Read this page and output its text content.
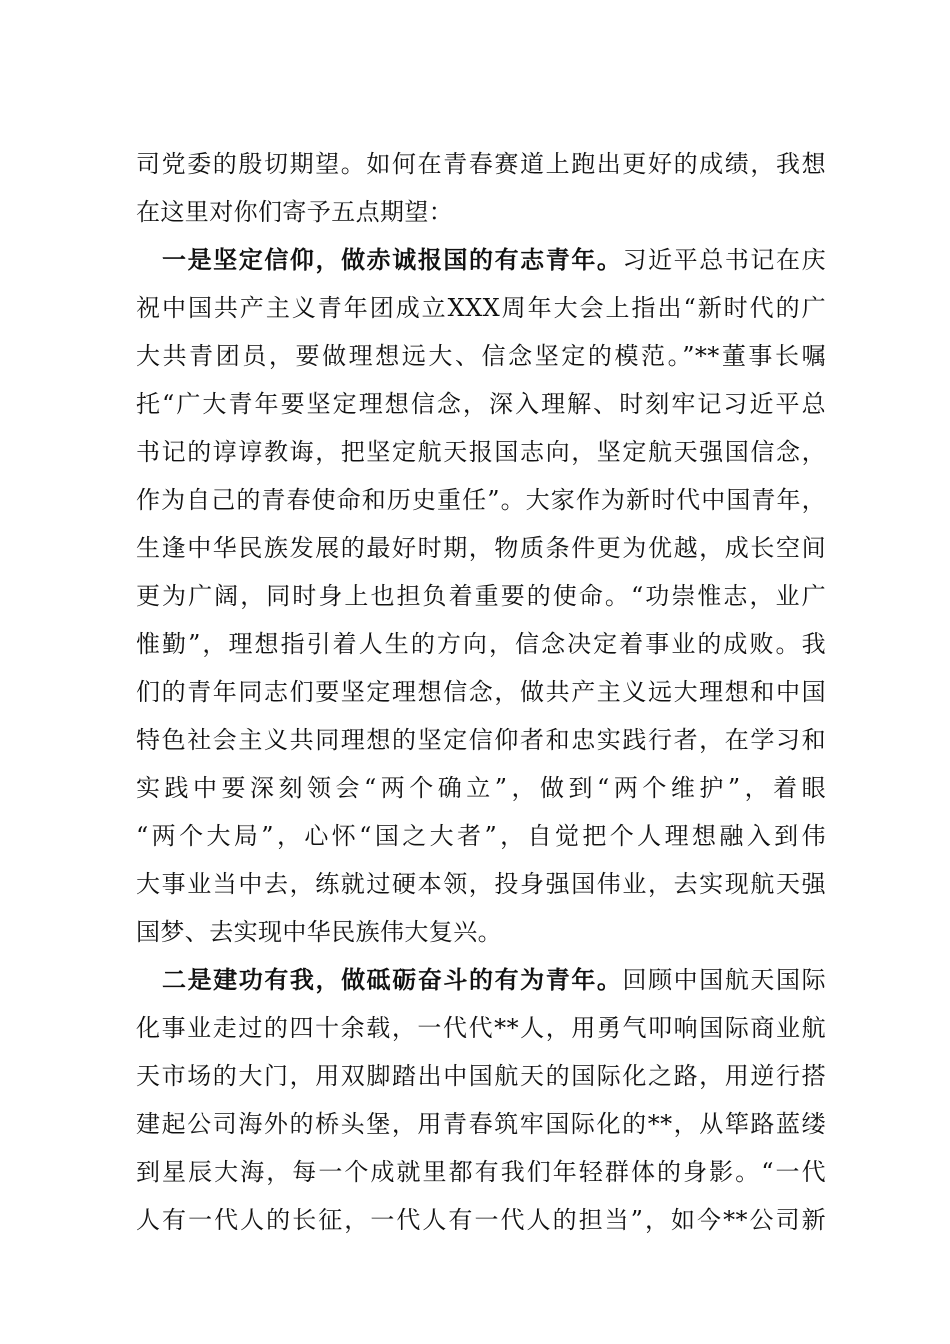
司党委的殷切期望。如何在青春赛道上跑出更好的成绩，我想
在这里对你们寄予五点期望：
一是坚定信仰，做赤诚报国的有志青年。习近平总书记在庆
祝中国共产主义青年团成立XXX周年大会上指出“新时代的广
大共青团员，要做理想远大、信念坚定的模范。”**董事长嘱
托“广大青年要坚定理想信念，深入理解、时刻牢记习近平总
书记的谆谆教诲，把坚定航天报国志向，坚定航天强国信念，
作为自己的青春使命和历史重任”。大家作为新时代中国青年，
生逢中华民族发展的最好时期，物质条件更为优越，成长空间
更为广阔，同时身上也担负着重要的使命。“功崇惟志，业广
惟勤”，理想指引着人生的方向，信念决定着事业的成败。我
们的青年同志们要坚定理想信念，做共产主义远大理想和中国
特色社会主义共同理想的坚定信仰者和忠实践行者，在学习和
实践中要深刻领会“两个确立”，做到“两个维护”，着眼
“两个大局”，心怀“国之大者”，自觉把个人理想融入到伟
大事业当中去，练就过硬本领，投身强国伟业，去实现航天强
国梦、去实现中华民族伟大复兴。
二是建功有我，做砥砺奋斗的有为青年。回顾中国航天国际
化事业走过的四十余载，一代代**人，用勇气叩响国际商业航
天市场的大门，用双脚踏出中国航天的国际化之路，用逆行搭
建起公司海外的桥头堡，用青春筑牢国际化的**，从筚路蓝缕
到星辰大海，每一个成就里都有我们年轻群体的身影。“一代
人有一代人的长征，一代人有一代人的担当”，如今**公司新
